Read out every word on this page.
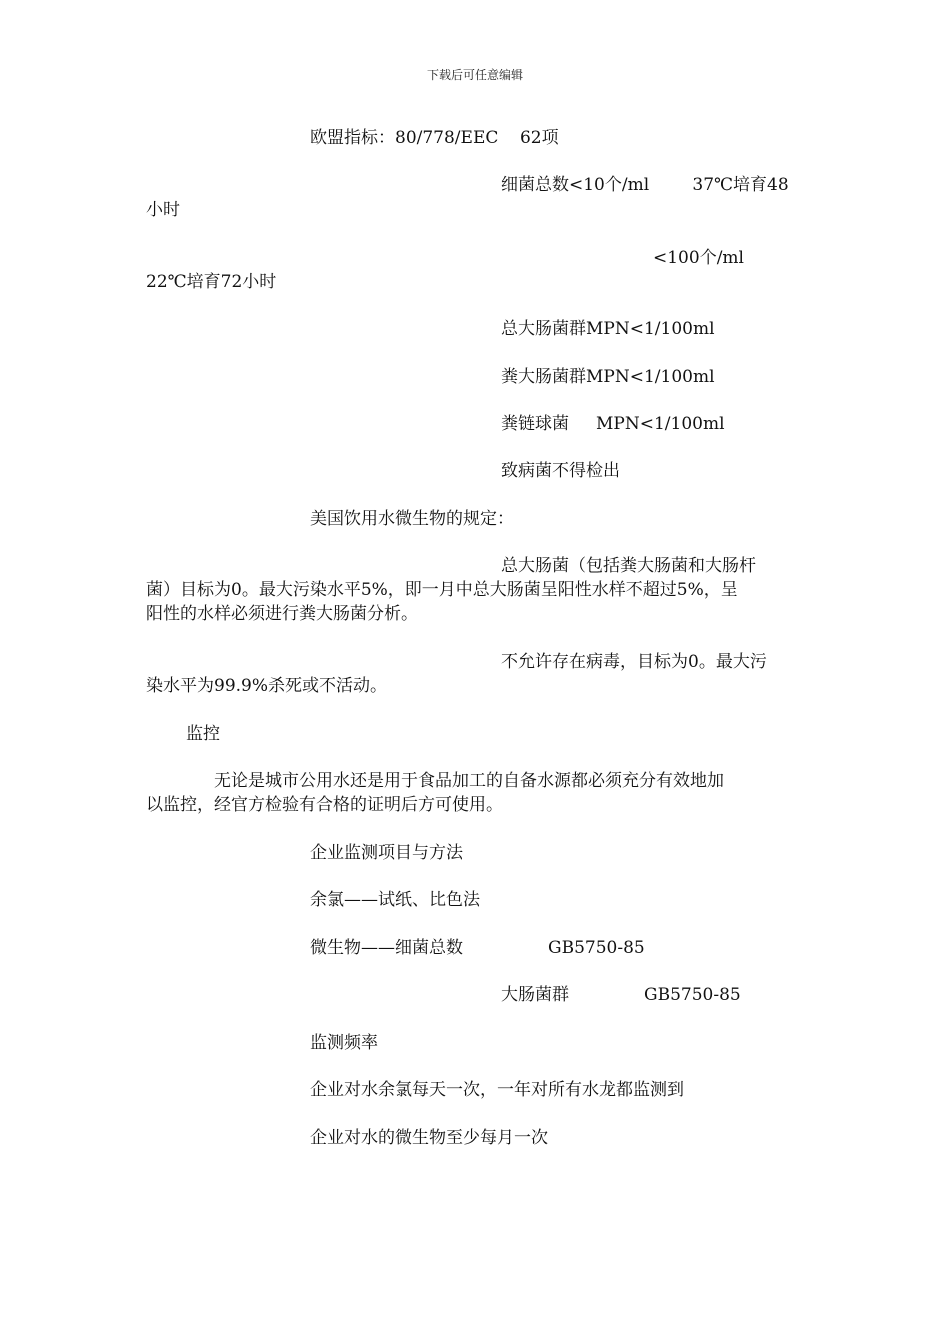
下载后可任意编辑
欧盟指标：80/778/EEC    62项
细菌总数<10个/ml        37℃培育48
小时
<100个/ml
22℃培育72小时
总大肠菌群MPN<1/100ml
粪大肠菌群MPN<1/100ml
粪链球菌     MPN<1/100ml
致病菌不得检出
美国饮用水微生物的规定：
总大肠菌（包括粪大肠菌和大肠杆
菌）目标为0。最大污染水平5%，即一月中总大肠菌呈阳性水样不超过5%，呈
阳性的水样必须进行粪大肠菌分析。
不允许存在病毒，目标为0。最大污
染水平为99.9%杀死或不活动。
监控
无论是城市公用水还是用于食品加工的自备水源都必须充分有效地加
以监控，经官方检验有合格的证明后方可使用。
企业监测项目与方法
余氯——试纸、比色法
微生物——细菌总数	GB5750-85
大肠菌群	GB5750-85
监测频率
企业对水余氯每天一次，一年对所有水龙都监测到
企业对水的微生物至少每月一次
